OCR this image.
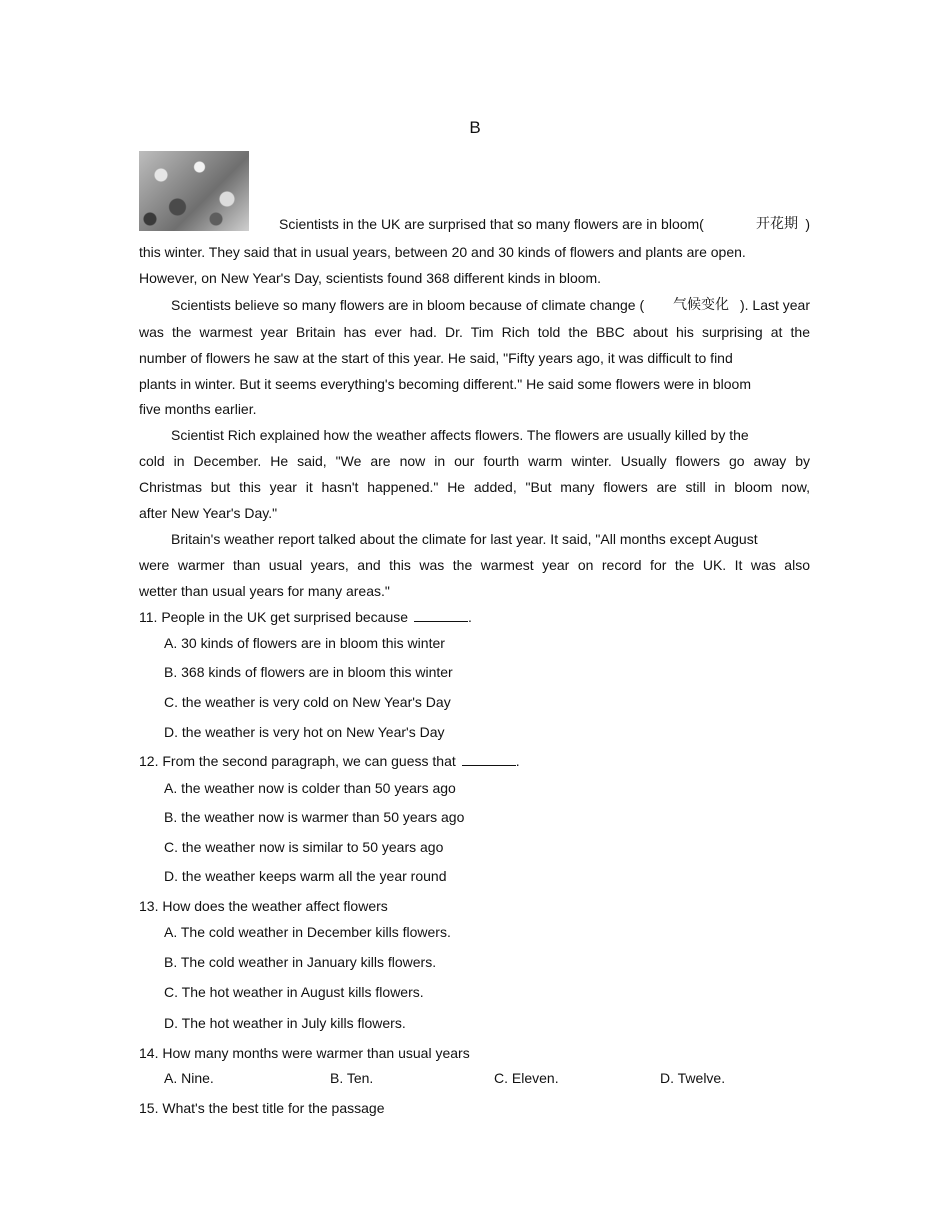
B
Scientists in the UK are surprised that so many flowers are in bloom(	开花期 )
this winter. They said that in usual years, between 20 and 30 kinds of flowers and plants are open.
However, on New Year's Day, scientists found 368 different kinds in bloom.
Scientists believe so many flowers are in bloom because of climate change ( 气候变化 ). Last year
was the warmest year Britain has ever had. Dr. Tim Rich told the BBC about his surprising at the
number of flowers he saw at the start of this year. He said, "Fifty years ago, it was difficult to find
plants in winter. But it seems everything's becoming different." He said some flowers were in bloom
five months earlier.
Scientist Rich explained how the weather affects flowers. The flowers are usually killed by the
cold in December. He said, "We are now in our fourth warm winter. Usually flowers go away by
Christmas but this year it hasn't happened." He added, "But many flowers are still in bloom now,
after New Year's Day."
Britain's weather report talked about the climate for last year. It said, "All months except August
were warmer than usual years, and this was the warmest year on record for the UK. It was also
wetter than usual years for many areas."
11. People in the UK get surprised because	.
A. 30 kinds of flowers are in bloom this winter
B. 368 kinds of flowers are in bloom this winter
C. the weather is very cold on New Year's Day
D. the weather is very hot on New Year's Day
12. From the second paragraph, we can guess that	.
A. the weather now is colder than 50 years ago
B. the weather now is warmer than 50 years ago
C. the weather now is similar to 50 years ago
D. the weather keeps warm all the year round
13. How does the weather affect flowers
A. The cold weather in December kills flowers.
B. The cold weather in January kills flowers.
C. The hot weather in August kills flowers.
D. The hot weather in July kills flowers.
14. How many months were warmer than usual years
A. Nine.	B. Ten.	C. Eleven.	D. Twelve.
15. What's the best title for the passage
